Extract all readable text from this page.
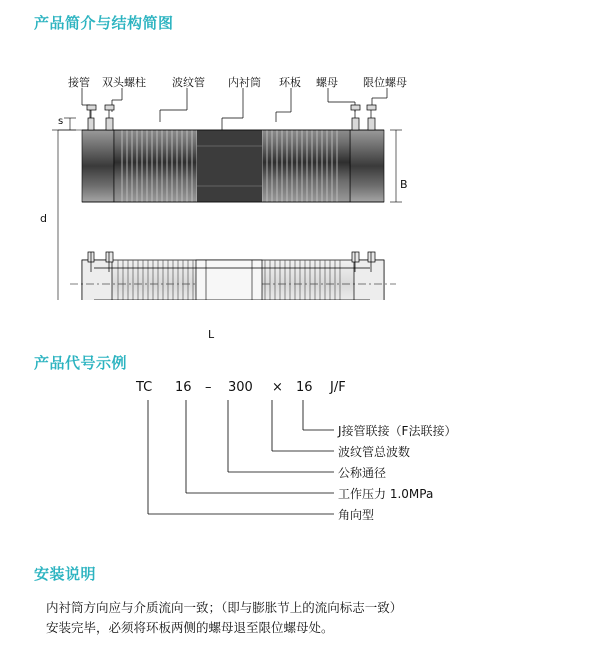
产品简介与结构简图
产品代号示例
安装说明
接管 双头螺柱 波纹管 内衬筒 环板 螺母 限位螺母
s
d
B
L
TC 16 – 300 × 16 J/F
J接管联接（F法联接）
波纹管总波数
公称通径
工作压力 1.0MPa
角向型
内衬筒方向应与介质流向一致；（即与膨胀节上的流向标志一致）
安装完毕，必须将环板两侧的螺母退至限位螺母处。
